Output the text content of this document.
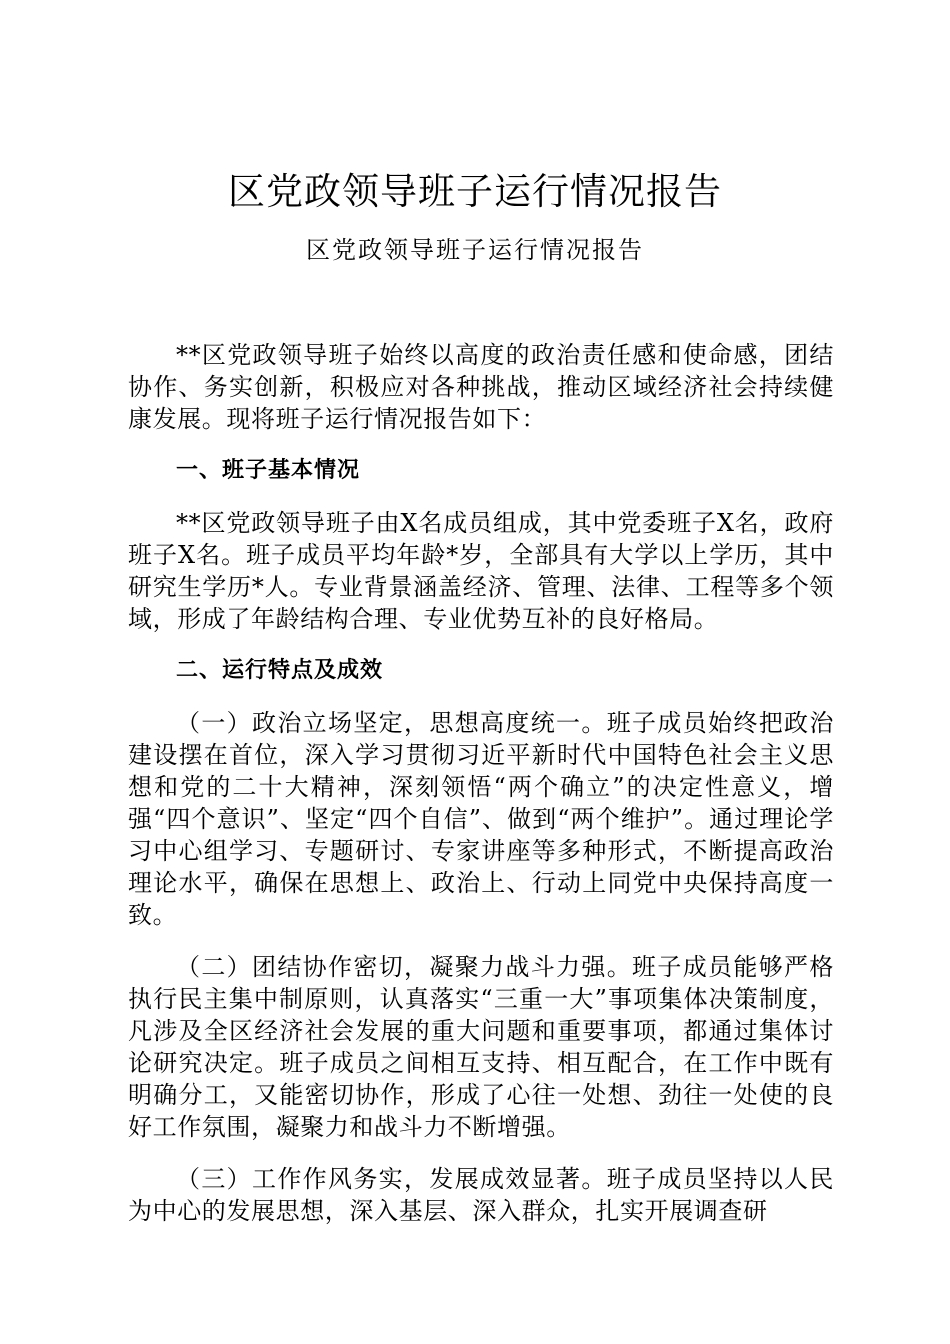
区党政领导班子运行情况报告

区党政领导班子运行情况报告

**区党政领导班子始终以高度的政治责任感和使命感，团结协作、务实创新，积极应对各种挑战，推动区域经济社会持续健康发展。现将班子运行情况报告如下：

一、班子基本情况

**区党政领导班子由X名成员组成，其中党委班子X名，政府班子X名。班子成员平均年龄*岁，全部具有大学以上学历，其中研究生学历*人。专业背景涵盖经济、管理、法律、工程等多个领域，形成了年龄结构合理、专业优势互补的良好格局。

二、运行特点及成效

（一）政治立场坚定，思想高度统一。班子成员始终把政治建设摆在首位，深入学习贯彻习近平新时代中国特色社会主义思想和党的二十大精神，深刻领悟“两个确立”的决定性意义，增强“四个意识”、坚定“四个自信”、做到“两个维护”。通过理论学习中心组学习、专题研讨、专家讲座等多种形式，不断提高政治理论水平，确保在思想上、政治上、行动上同党中央保持高度一致。

（二）团结协作密切，凝聚力战斗力强。班子成员能够严格执行民主集中制原则，认真落实“三重一大”事项集体决策制度，凡涉及全区经济社会发展的重大问题和重要事项，都通过集体讨论研究决定。班子成员之间相互支持、相互配合，在工作中既有明确分工，又能密切协作，形成了心往一处想、劲往一处使的良好工作氛围，凝聚力和战斗力不断增强。

（三）工作作风务实，发展成效显著。班子成员坚持以人民为中心的发展思想，深入基层、深入群众，扎实开展调查研
